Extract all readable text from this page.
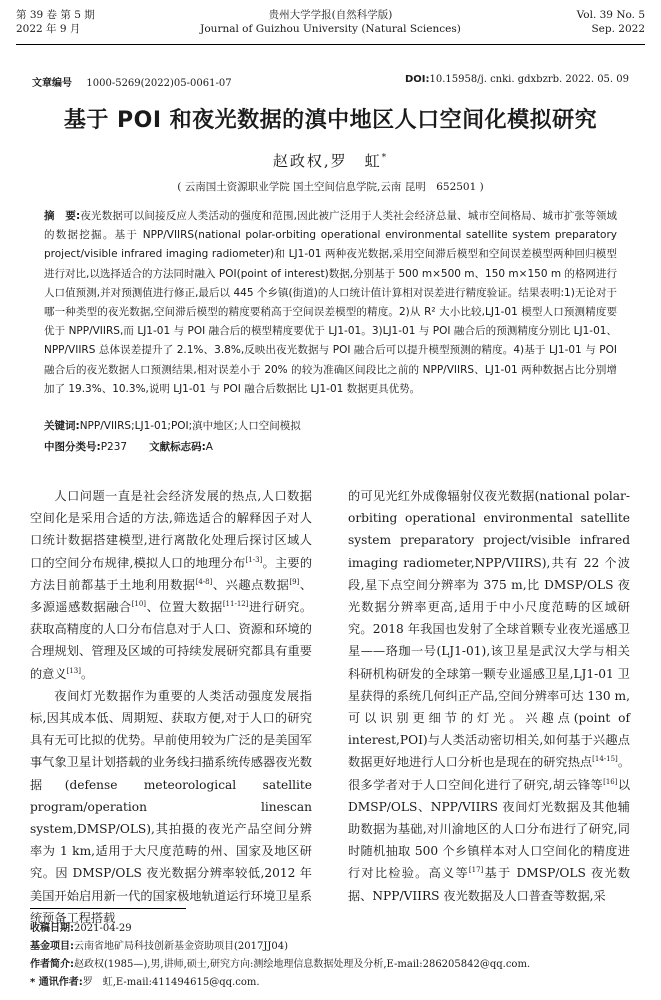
第 39 卷 第 5 期
2022 年 9 月
贵州大学学报(自然科学版)
Journal of Guizhou University (Natural Sciences)
Vol. 39 No. 5
Sep. 2022
文章编号 1000-5269(2022)05-0061-07	DOI:10.15958/j. cnki. gdxbzrb. 2022. 05. 09
基于 POI 和夜光数据的滇中地区人口空间化模拟研究
赵政权,罗　虹*
( 云南国土资源职业学院 国土空间信息学院,云南 昆明　652501 )
摘　要:夜光数据可以间接反应人类活动的强度和范围,因此被广泛用于人类社会经济总量、城市空间格局、城市扩张等领域的数据挖掘。基于 NPP/VIIRS(national polar-orbiting operational environmental satellite system preparatory project/visible infrared imaging radiometer)和 LJ1-01 两种夜光数据,采用空间滞后模型和空间误差模型两种回归模型进行对比,以选择适合的方法同时融入 POI(point of interest)数据,分别基于 500 m×500 m、150 m×150 m 的格网进行人口值预测,并对预测值进行修正,最后以 445 个乡镇(街道)的人口统计值计算相对误差进行精度验证。结果表明:1)无论对于哪一种类型的夜光数据,空间滞后模型的精度要稍高于空间误差模型的精度。2)从 R² 大小比较,LJ1-01 模型人口预测精度要优于 NPP/VIIRS,而 LJ1-01 与 POI 融合后的模型精度要优于 LJ1-01。3)LJ1-01 与 POI 融合后的预测精度分别比 LJ1-01、NPP/VIIRS 总体误差提升了 2.1%、3.8%,反映出夜光数据与 POI 融合后可以提升模型预测的精度。4)基于 LJ1-01 与 POI 融合后的夜光数据人口预测结果,相对误差小于 20% 的较为准确区间段比之前的 NPP/VIIRS、LJ1-01 两种数据占比分别增加了 19.3%、10.3%,说明 LJ1-01 与 POI 融合后数据比 LJ1-01 数据更具优势。
关键词:NPP/VIIRS;LJ1-01;POI;滇中地区;人口空间模拟
中图分类号:P237 文献标志码:A

人口问题一直是社会经济发展的热点,人口数据空间化是采用合适的方法,筛选适合的解释因子对人口统计数据搭建模型,进行离散化处理后探讨区域人口的空间分布规律,模拟人口的地理分布[1-3]。主要的方法目前都基于土地利用数据[4-8]、兴趣点数据[9]、多源遥感数据融合[10]、位置大数据[11-12]进行研究。获取高精度的人口分布信息对于人口、资源和环境的合理规划、管理及区域的可持续发展研究都具有重要的意义[13]。

夜间灯光数据作为重要的人类活动强度发展指标,因其成本低、周期短、获取方便,对于人口的研究具有无可比拟的优势。早前使用较为广泛的是美国军事气象卫星计划搭载的业务线扫描系统传感器夜光数据(defense meteorological satellite program/operation linescan system,DMSP/OLS),其拍摄的夜光产品空间分辨率为 1 km,适用于大尺度范畴的州、国家及地区研究。因 DMSP/OLS 夜光数据分辨率较低,2012 年美国开始启用新一代的国家极地轨道运行环境卫星系统预备工程搭载

的可见光红外成像辐射仪夜光数据(national polar-orbiting operational environmental satellite system preparatory project/visible infrared imaging radiometer,NPP/VIIRS),共有 22 个波段,星下点空间分辨率为 375 m,比 DMSP/OLS 夜光数据分辨率更高,适用于中小尺度范畴的区域研究。2018 年我国也发射了全球首颗专业夜光遥感卫星——珞珈一号(LJ1-01),该卫星是武汉大学与相关科研机构研发的全球第一颗专业遥感卫星,LJ1-01 卫星获得的系统几何纠正产品,空间分辨率可达 130 m,可以识别更细节的灯光。兴趣点(point of interest,POI)与人类活动密切相关,如何基于兴趣点数据更好地进行人口分析也是现在的研究热点[14-15]。很多学者对于人口空间化进行了研究,胡云锋等[16]以 DMSP/OLS、NPP/VIIRS 夜间灯光数据及其他辅助数据为基础,对川渝地区的人口分布进行了研究,同时随机抽取 500 个乡镇样本对人口空间化的精度进行对比检验。高义等[17]基于 DMSP/OLS 夜光数据、NPP/VIIRS 夜光数据及人口普查等数据,采

收稿日期:2021-04-29
基金项目:云南省地矿局科技创新基金资助项目(2017JJ04)
作者简介:赵政权(1985—),男,讲师,硕士,研究方向:测绘地理信息数据处理及分析,E-mail:286205842@qq.com.
* 通讯作者:罗　虹,E-mail:411494615@qq.com.
